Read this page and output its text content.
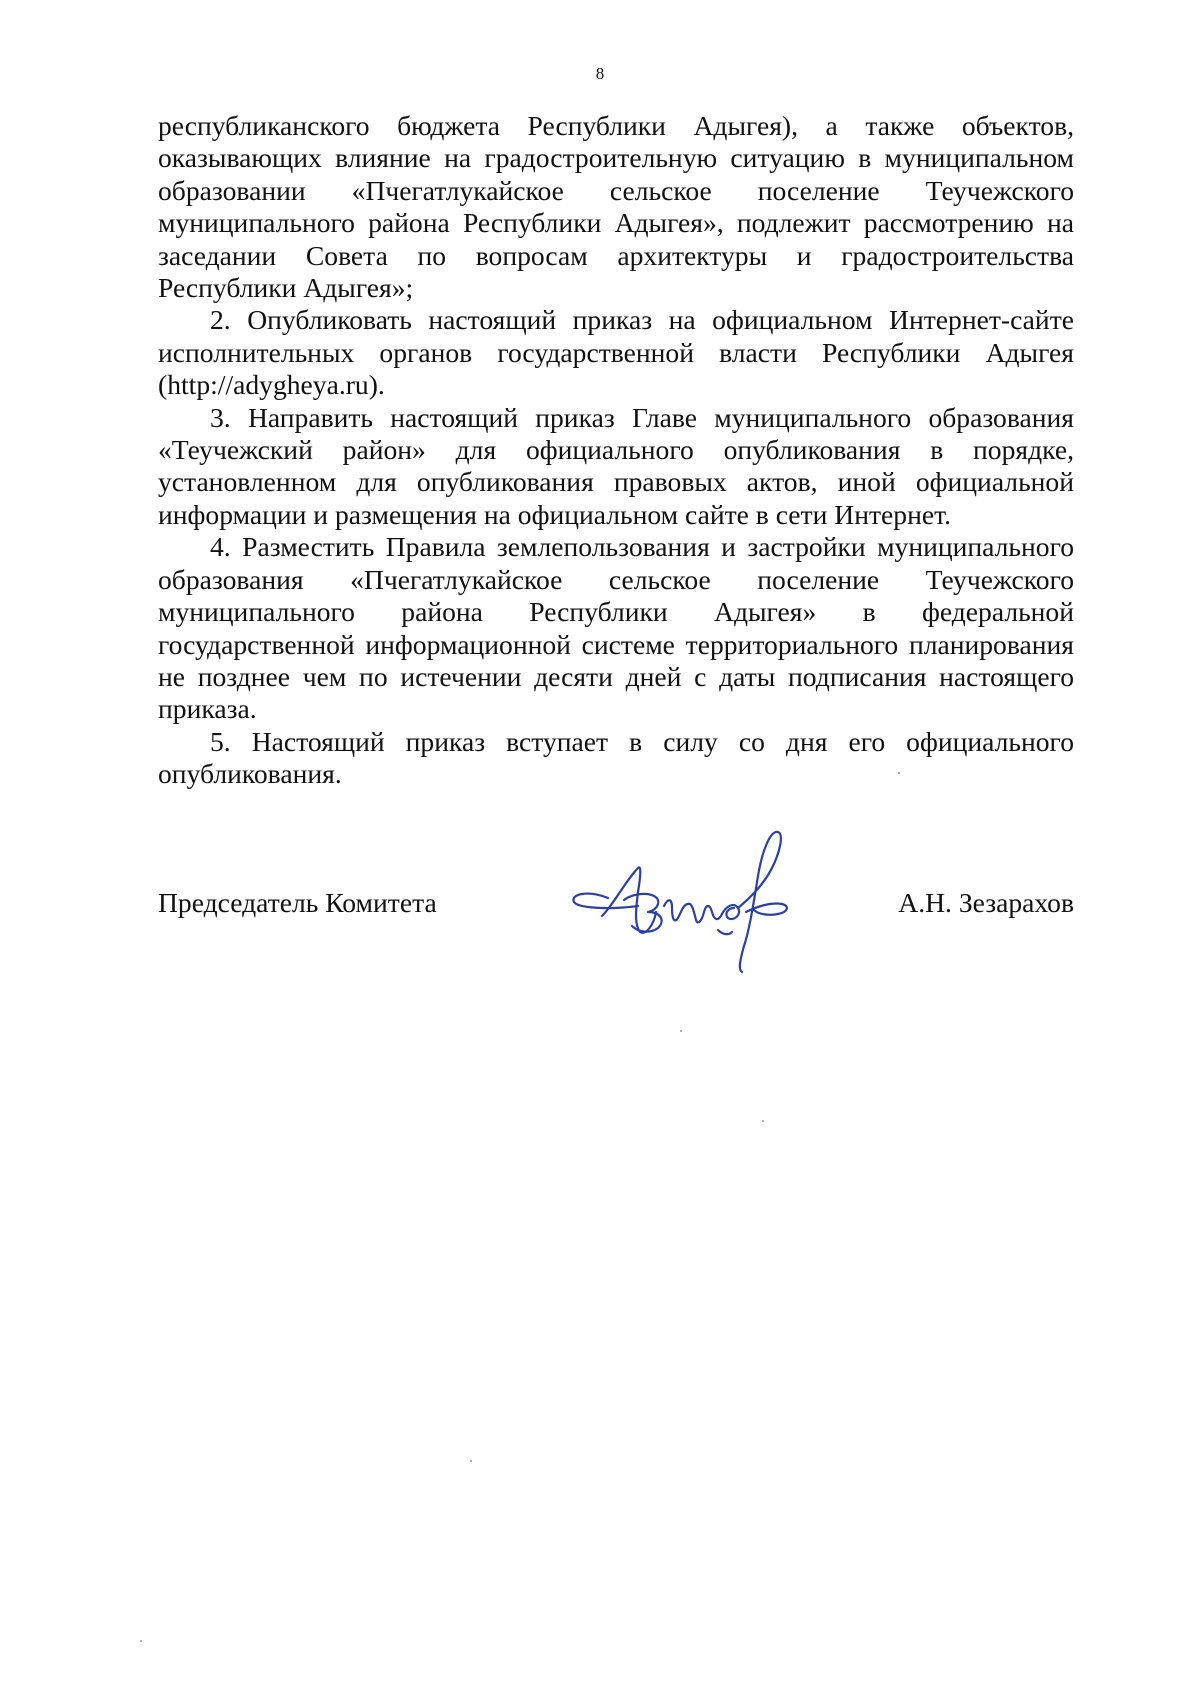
8

республиканского бюджета Республики Адыгея), а также объектов, оказывающих влияние на градостроительную ситуацию в муниципальном образовании «Пчегатлукайское сельское поселение Теучежского муниципального района Республики Адыгея», подлежит рассмотрению на заседании Совета по вопросам архитектуры и градостроительства Республики Адыгея»;

2. Опубликовать настоящий приказ на официальном Интернет-сайте исполнительных органов государственной власти Республики Адыгея (http://adygheya.ru).

3. Направить настоящий приказ Главе муниципального образования «Теучежский район» для официального опубликования в порядке, установленном для опубликования правовых актов, иной официальной информации и размещения на официальном сайте в сети Интернет.

4. Разместить Правила землепользования и застройки муниципального образования «Пчегатлукайское сельское поселение Теучежского муниципального района Республики Адыгея» в федеральной государственной информационной системе территориального планирования не позднее чем по истечении десяти дней с даты подписания настоящего приказа.

5. Настоящий приказ вступает в силу со дня его официального опубликования.

Председатель Комитета	А.Н. Зезарахов
